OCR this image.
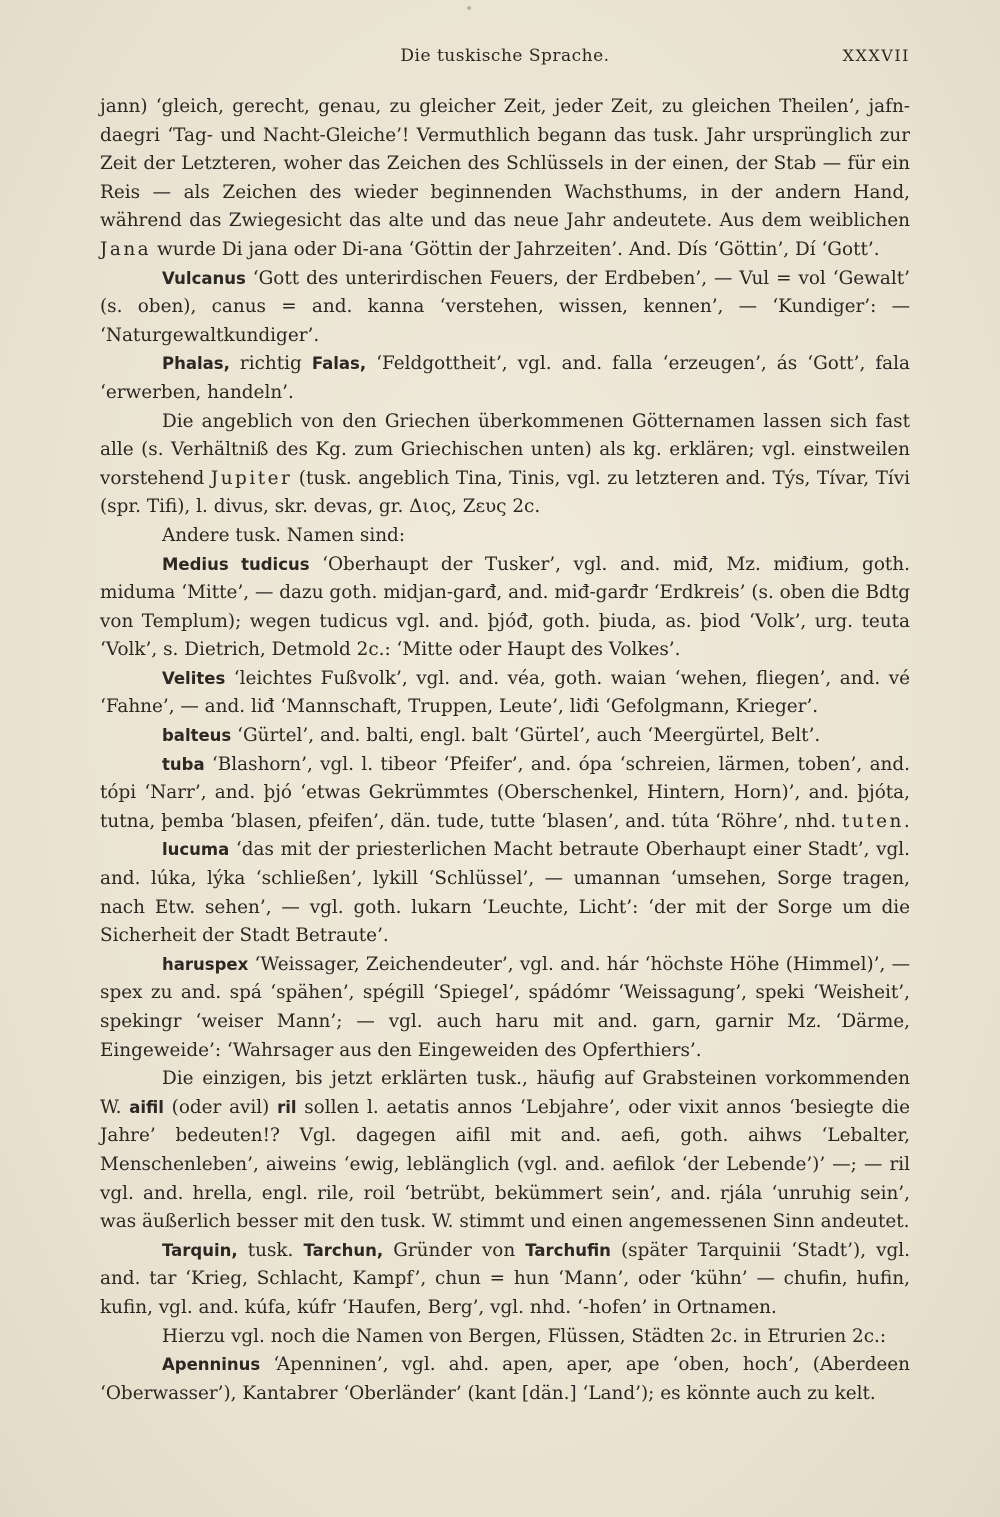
Die tuskische Sprache.	XXXVII

jann) ‘gleich, gerecht, genau, zu gleicher Zeit, jeder Zeit, zu gleichen Theilen’, jafn-daegri ‘Tag- und Nacht-Gleiche’! Vermuthlich begann das tusk. Jahr ursprünglich zur Zeit der Letzteren, woher das Zeichen des Schlüssels in der einen, der Stab — für ein Reis — als Zeichen des wieder beginnenden Wachsthums, in der andern Hand, während das Zwiegesicht das alte und das neue Jahr andeutete. Aus dem weiblichen Jana wurde Di jana oder Di-ana ‘Göttin der Jahrzeiten’. And. Dís ‘Göttin’, Dí ‘Gott’.

Vulcanus ‘Gott des unterirdischen Feuers, der Erdbeben’, — Vul = vol ‘Gewalt’ (s. oben), canus = and. kanna ‘verstehen, wissen, kennen’, — ‘Kundiger’: — ‘Naturgewaltkundiger’.

Phalas, richtig Falas, ‘Feldgottheit’, vgl. and. falla ‘erzeugen’, ás ‘Gott’, fala ‘erwerben, handeln’.

Die angeblich von den Griechen überkommenen Götternamen lassen sich fast alle (s. Verhältniß des Kg. zum Griechischen unten) als kg. erklären; vgl. einstweilen vorstehend Jupiter (tusk. angeblich Tina, Tinis, vgl. zu letzteren and. Týs, Tívar, Tívi (spr. Tifi), l. divus, skr. devas, gr. Διος, Ζευς 2c.

Andere tusk. Namen sind:

Medius tudicus ‘Oberhaupt der Tusker’, vgl. and. miđ, Mz. miđium, goth. miduma ‘Mitte’, — dazu goth. midjan-garđ, and. miđ-garđr ‘Erdkreis’ (s. oben die Bdtg von Templum); wegen tudicus vgl. and. þjóđ, goth. þiuda, as. þiod ‘Volk’, urg. teuta ‘Volk’, s. Dietrich, Detmold 2c.: ‘Mitte oder Haupt des Volkes’.

Velites ‘leichtes Fußvolk’, vgl. and. véa, goth. waian ‘wehen, fliegen’, and. vé ‘Fahne’, — and. liđ ‘Mannschaft, Truppen, Leute’, liđi ‘Gefolgmann, Krieger’.

balteus ‘Gürtel’, and. balti, engl. balt ‘Gürtel’, auch ‘Meergürtel, Belt’.

tuba ‘Blashorn’, vgl. l. tibeor ‘Pfeifer’, and. ópa ‘schreien, lärmen, toben’, and. tópi ‘Narr’, and. þjó ‘etwas Gekrümmtes (Oberschenkel, Hintern, Horn)’, and. þjóta, tutna, þemba ‘blasen, pfeifen’, dän. tude, tutte ‘blasen’, and. túta ‘Röhre’, nhd. tuten.

lucuma ‘das mit der priesterlichen Macht betraute Oberhaupt einer Stadt’, vgl. and. lúka, lýka ‘schließen’, lykill ‘Schlüssel’, — umannan ‘umsehen, Sorge tragen, nach Etw. sehen’, — vgl. goth. lukarn ‘Leuchte, Licht’: ‘der mit der Sorge um die Sicherheit der Stadt Betraute’.

haruspex ‘Weissager, Zeichendeuter’, vgl. and. hár ‘höchste Höhe (Himmel)’, — spex zu and. spá ‘spähen’, spégill ‘Spiegel’, spádómr ‘Weissagung’, speki ‘Weisheit’, spekingr ‘weiser Mann’; — vgl. auch haru mit and. garn, garnir Mz. ‘Därme, Eingeweide’: ‘Wahrsager aus den Eingeweiden des Opferthiers’.

Die einzigen, bis jetzt erklärten tusk., häufig auf Grabsteinen vorkommenden W. aifil (oder avil) ril sollen l. aetatis annos ‘Lebjahre’, oder vixit annos ‘besiegte die Jahre’ bedeuten!? Vgl. dagegen aifil mit and. aefi, goth. aihws ‘Lebalter, Menschenleben’, aiweins ‘ewig, leblänglich (vgl. and. aefilok ‘der Lebende’)’ —; — ril vgl. and. hrella, engl. rile, roil ‘betrübt, bekümmert sein’, and. rjála ‘unruhig sein’, was äußerlich besser mit den tusk. W. stimmt und einen angemessenen Sinn andeutet.

Tarquin, tusk. Tarchun, Gründer von Tarchufin (später Tarquinii ‘Stadt’), vgl. and. tar ‘Krieg, Schlacht, Kampf’, chun = hun ‘Mann’, oder ‘kühn’ — chufin, hufin, kufin, vgl. and. kúfa, kúfr ‘Haufen, Berg’, vgl. nhd. ‘-hofen’ in Ortnamen.

Hierzu vgl. noch die Namen von Bergen, Flüssen, Städten 2c. in Etrurien 2c.:

Apenninus ‘Apenninen’, vgl. ahd. apen, aper, ape ‘oben, hoch’, (Aberdeen ‘Oberwasser’), Kantabrer ‘Oberländer’ (kant [dän.] ‘Land’); es könnte auch zu kelt.
